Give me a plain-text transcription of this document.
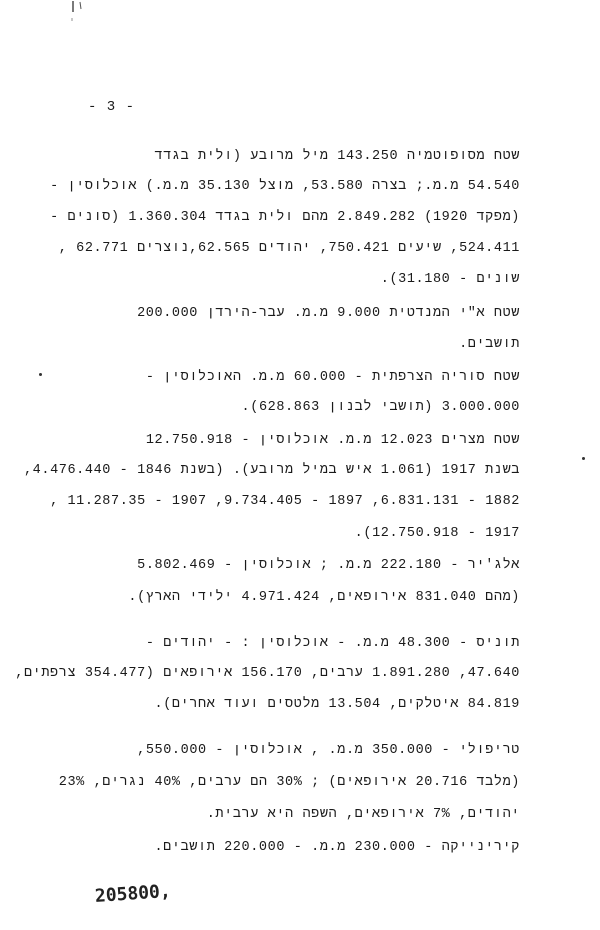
- 3 -
שטח מסופוטמיה 143.250 מיל מרובע (ולית בגדד
54.540 מ.מ.; בצרה 53.580, מוצל 35.130 מ.מ.) אוכלוסין -
(מפקד 1920) 2.849.282 מהם ולית בגדד 1.360.304 (סונים -
524.411, שיעים 750.421, יהודים 62.565,נוצרים 62.771 ,
שונים - 31.180).
שטח א"י המנדטית 9.000 מ.מ. עבר-הירדן 200.000
תושבים.
שטח סוריה הצרפתית - 60.000 מ.מ. האוכלוסין -
3.000.000 (תושבי לבנון 628.863).
שטח מצרים 12.023 מ.מ. אוכלוסין - 12.750.918
בשנת 1917 (1.061 איש במיל מרובע). (בשנת 1846 - 4.476.440,
1882 - 6.831.131, 1897 - 9.734.405, 1907 - 11.287.35 ,
1917 - 12.750.918).
אלג'יר - 222.180 מ.מ. ; אוכלוסין - 5.802.469
(מהם 831.040 אירופאים, 4.971.424 ילידי הארץ).
תוניס - 48.300 מ.מ. - אוכלוסין : - יהודים -
47.640, 1.891.280 ערבים, 156.170 אירופאים (354.477 צרפתים,
84.819 איטלקים, 13.504 מלטסים ועוד אחרים).
טריפולי - 350.000 מ.מ. , אוכלוסין - 550.000,
(מלבד 20.716 אירופאים) ; 30% הם ערבים, 40% נגרים, 23%
יהודים, 7% אירופאים, השפה היא ערבית.
קירינייקה - 230.000 מ.מ. - 220.000 תושבים.
205800‚
